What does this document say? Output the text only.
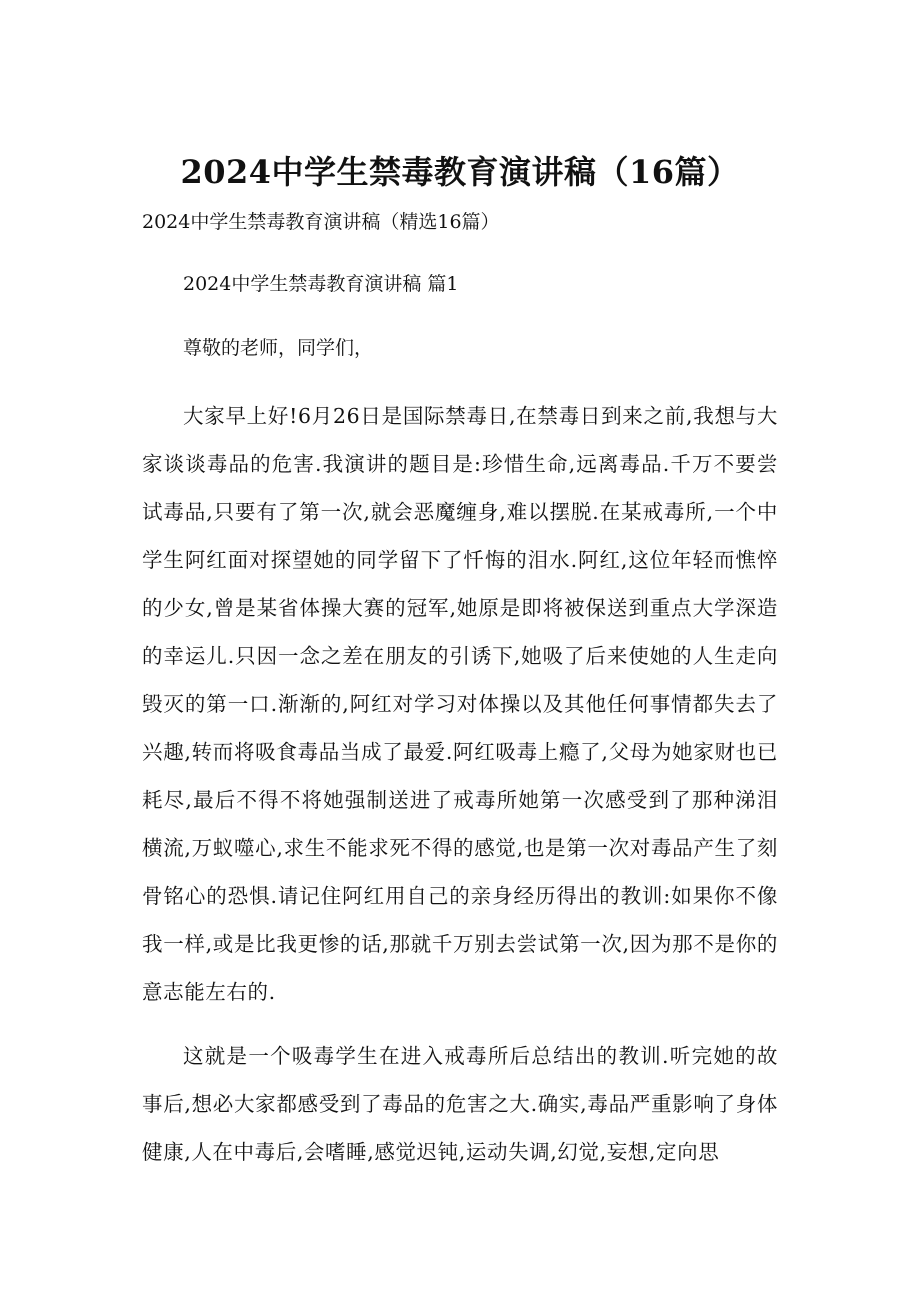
2024中学生禁毒教育演讲稿（16篇）
2024中学生禁毒教育演讲稿（精选16篇）
2024中学生禁毒教育演讲稿 篇1
尊敬的老师，同学们，
大家早上好!6月26日是国际禁毒日,在禁毒日到来之前,我想与大家谈谈毒品的危害.我演讲的题目是:珍惜生命,远离毒品.千万不要尝试毒品,只要有了第一次,就会恶魔缠身,难以摆脱.在某戒毒所,一个中学生阿红面对探望她的同学留下了忏悔的泪水.阿红,这位年轻而憔悴的少女,曾是某省体操大赛的冠军,她原是即将被保送到重点大学深造的幸运儿.只因一念之差在朋友的引诱下,她吸了后来使她的人生走向毁灭的第一口.渐渐的,阿红对学习对体操以及其他任何事情都失去了兴趣,转而将吸食毒品当成了最爱.阿红吸毒上瘾了,父母为她家财也已耗尽,最后不得不将她强制送进了戒毒所她第一次感受到了那种涕泪横流,万蚁噬心,求生不能求死不得的感觉,也是第一次对毒品产生了刻骨铭心的恐惧.请记住阿红用自己的亲身经历得出的教训:如果你不像我一样,或是比我更惨的话,那就千万别去尝试第一次,因为那不是你的意志能左右的.
这就是一个吸毒学生在进入戒毒所后总结出的教训.听完她的故事后,想必大家都感受到了毒品的危害之大.确实,毒品严重影响了身体健康,人在中毒后,会嗜睡,感觉迟钝,运动失调,幻觉,妄想,定向思
